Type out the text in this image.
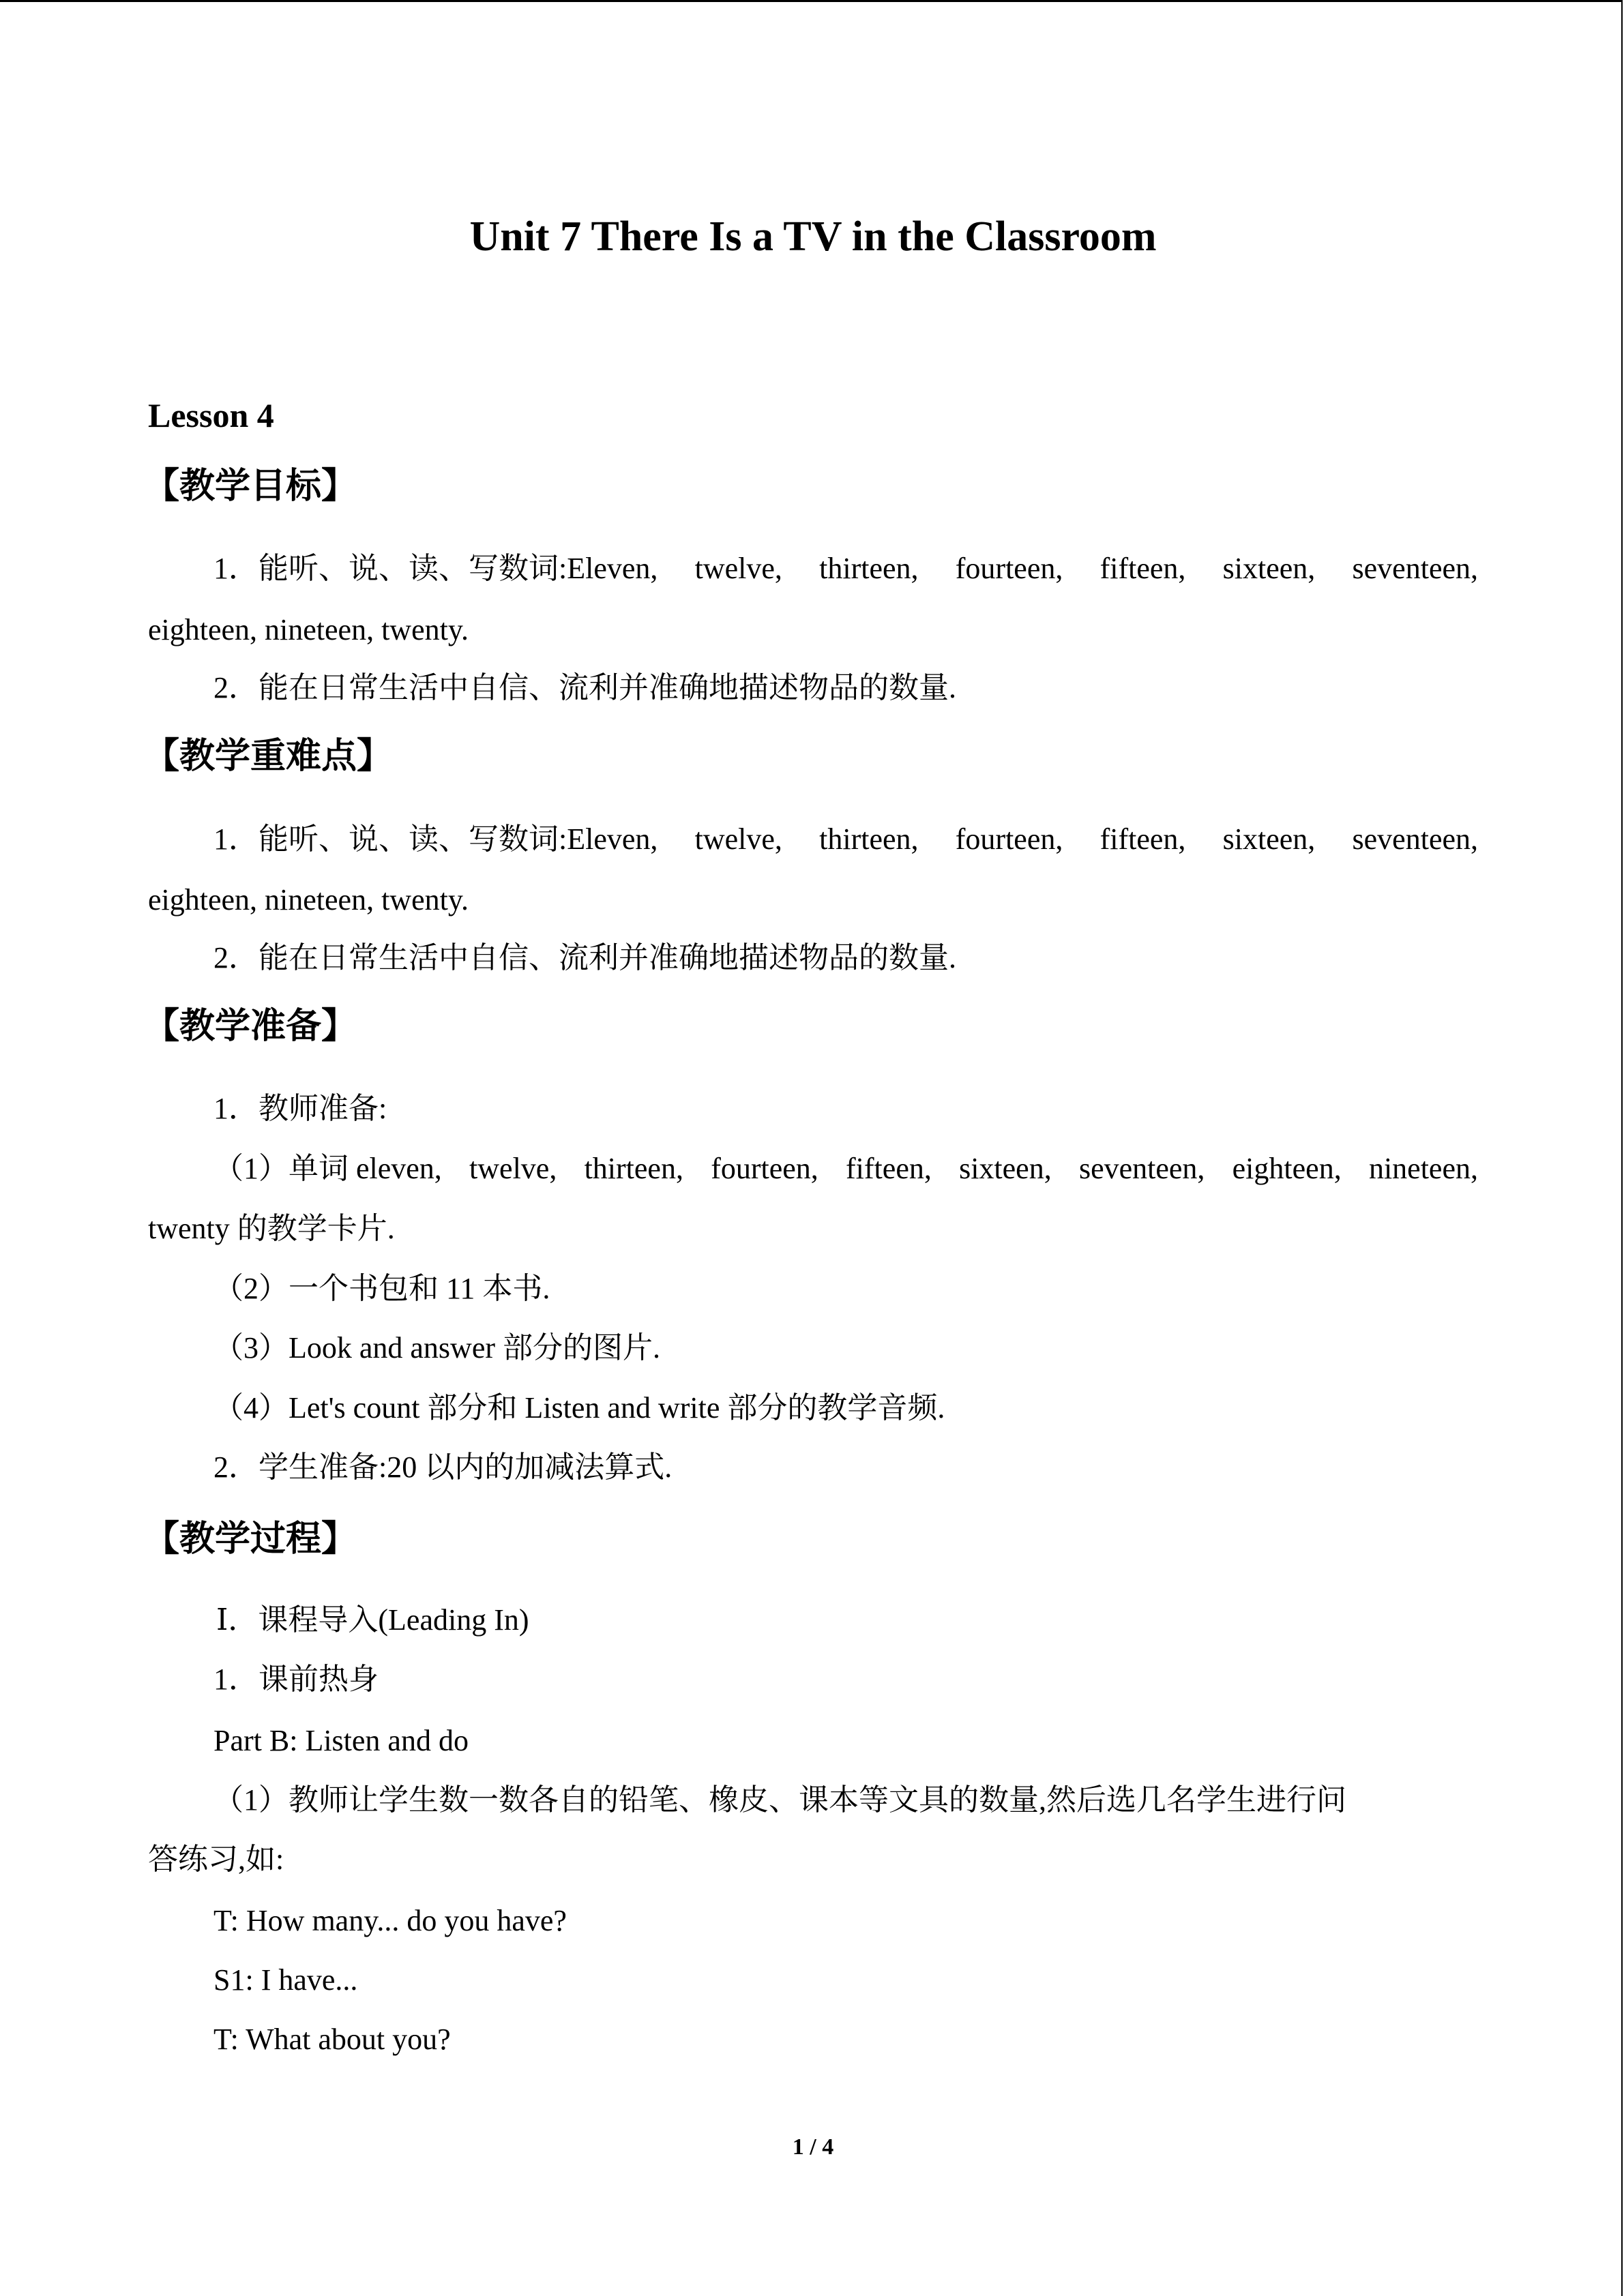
Unit 7 There Is a TV in the Classroom
Lesson 4
【教学目标】
1．能听、说、读、写数词:Eleven, twelve, thirteen, fourteen, fifteen, sixteen, seventeen,
eighteen, nineteen, twenty.
2．能在日常生活中自信、流利并准确地描述物品的数量.
【教学重难点】
1．能听、说、读、写数词:Eleven, twelve, thirteen, fourteen, fifteen, sixteen, seventeen,
eighteen, nineteen, twenty.
2．能在日常生活中自信、流利并准确地描述物品的数量.
【教学准备】
1．教师准备:
（1）单词 eleven, twelve, thirteen, fourteen, fifteen, sixteen, seventeen, eighteen, nineteen,
twenty 的教学卡片.
（2）一个书包和 11 本书.
（3）Look and answer 部分的图片.
（4）Let's count 部分和 Listen and write 部分的教学音频.
2．学生准备:20 以内的加减法算式.
【教学过程】
Ⅰ．课程导入(Leading In)
1．课前热身
Part B: Listen and do
（1）教师让学生数一数各自的铅笔、橡皮、课本等文具的数量,然后选几名学生进行问
答练习,如:
T: How many... do you have?
S1: I have...
T: What about you?
1 / 4
